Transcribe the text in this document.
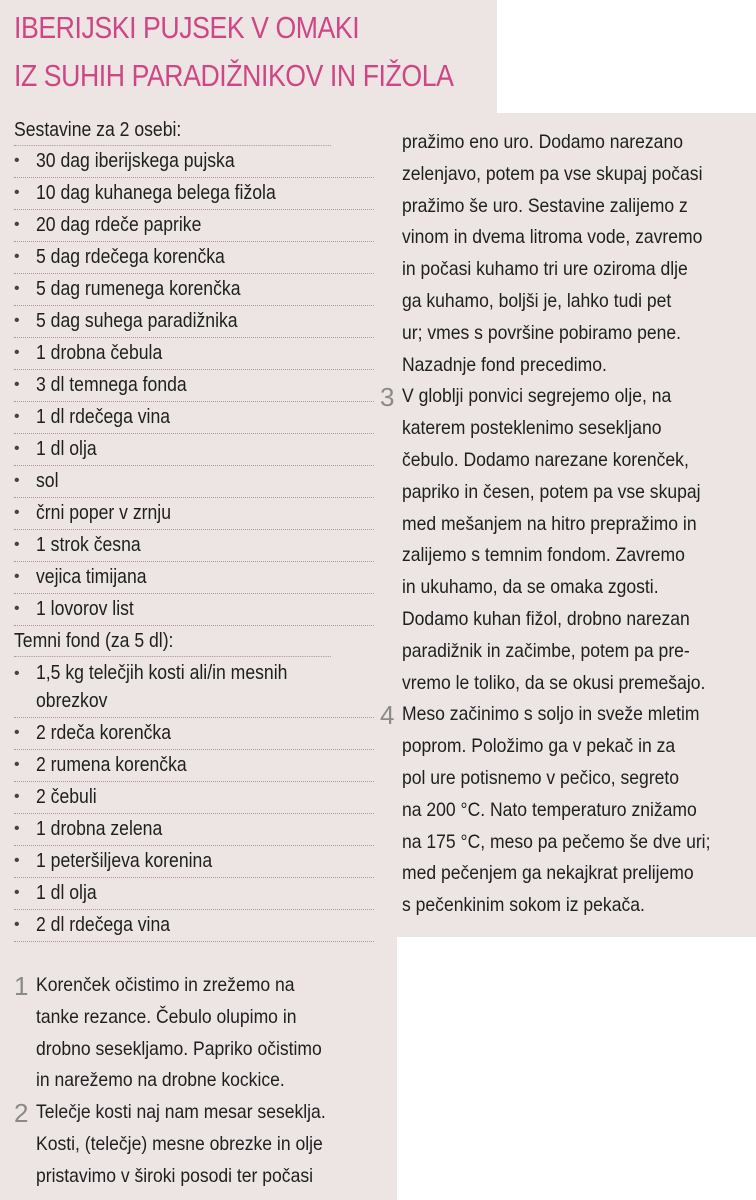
IBERIJSKI PUJSEK V OMAKI
IZ SUHIH PARADIŽNIKOV IN FIŽOLA
Sestavine za 2 osebi:
• 30 dag iberijskega pujska
• 10 dag kuhanega belega fižola
• 20 dag rdeče paprike
• 5 dag rdečega korenčka
• 5 dag rumenega korenčka
• 5 dag suhega paradižnika
• 1 drobna čebula
• 3 dl temnega fonda
• 1 dl rdečega vina
• 1 dl olja
• sol
• črni poper v zrnju
• 1 strok česna
• vejica timijana
• 1 lovorov list
Temni fond (za 5 dl):
• 1,5 kg telečjih kosti ali/in mesnih obrezkov
• 2 rdeča korenčka
• 2 rumena korenčka
• 2 čebuli
• 1 drobna zelena
• 1 peteršiljeva korenina
• 1 dl olja
• 2 dl rdečega vina
1 Korenček očistimo in zrežemo na
tanke rezance. Čebulo olupimo in
drobno sesekljamo. Papriko očistimo
in narežemo na drobne kockice.
2 Telečje kosti naj nam mesar seseklja.
Kosti, (telečje) mesne obrezke in olje
pristavimo v široki posodi ter počasi
pražimo eno uro. Dodamo narezano
zelenjavo, potem pa vse skupaj počasi
pražimo še uro. Sestavine zalijemo z
vinom in dvema litroma vode, zavremo
in počasi kuhamo tri ure oziroma dlje
ga kuhamo, boljši je, lahko tudi pet
ur; vmes s površine pobiramo pene.
Nazadnje fond precedimo.
3 V globlji ponvici segrejemo olje, na
katerem posteklenimo sesekljano
čebulo. Dodamo narezane korenček,
papriko in česen, potem pa vse skupaj
med mešanjem na hitro prepražimo in
zalijemo s temnim fondom. Zavremo
in ukuhamo, da se omaka zgosti.
Dodamo kuhan fižol, drobno narezan
paradižnik in začimbe, potem pa pre-
vremo le toliko, da se okusi premešajo.
4 Meso začinimo s soljo in sveže mletim
poprom. Položimo ga v pekač in za
pol ure potisnemo v pečico, segreto
na 200 °C. Nato temperaturo znižamo
na 175 °C, meso pa pečemo še dve uri;
med pečenjem ga nekajkrat prelijemo
s pečenkinim sokom iz pekača.
